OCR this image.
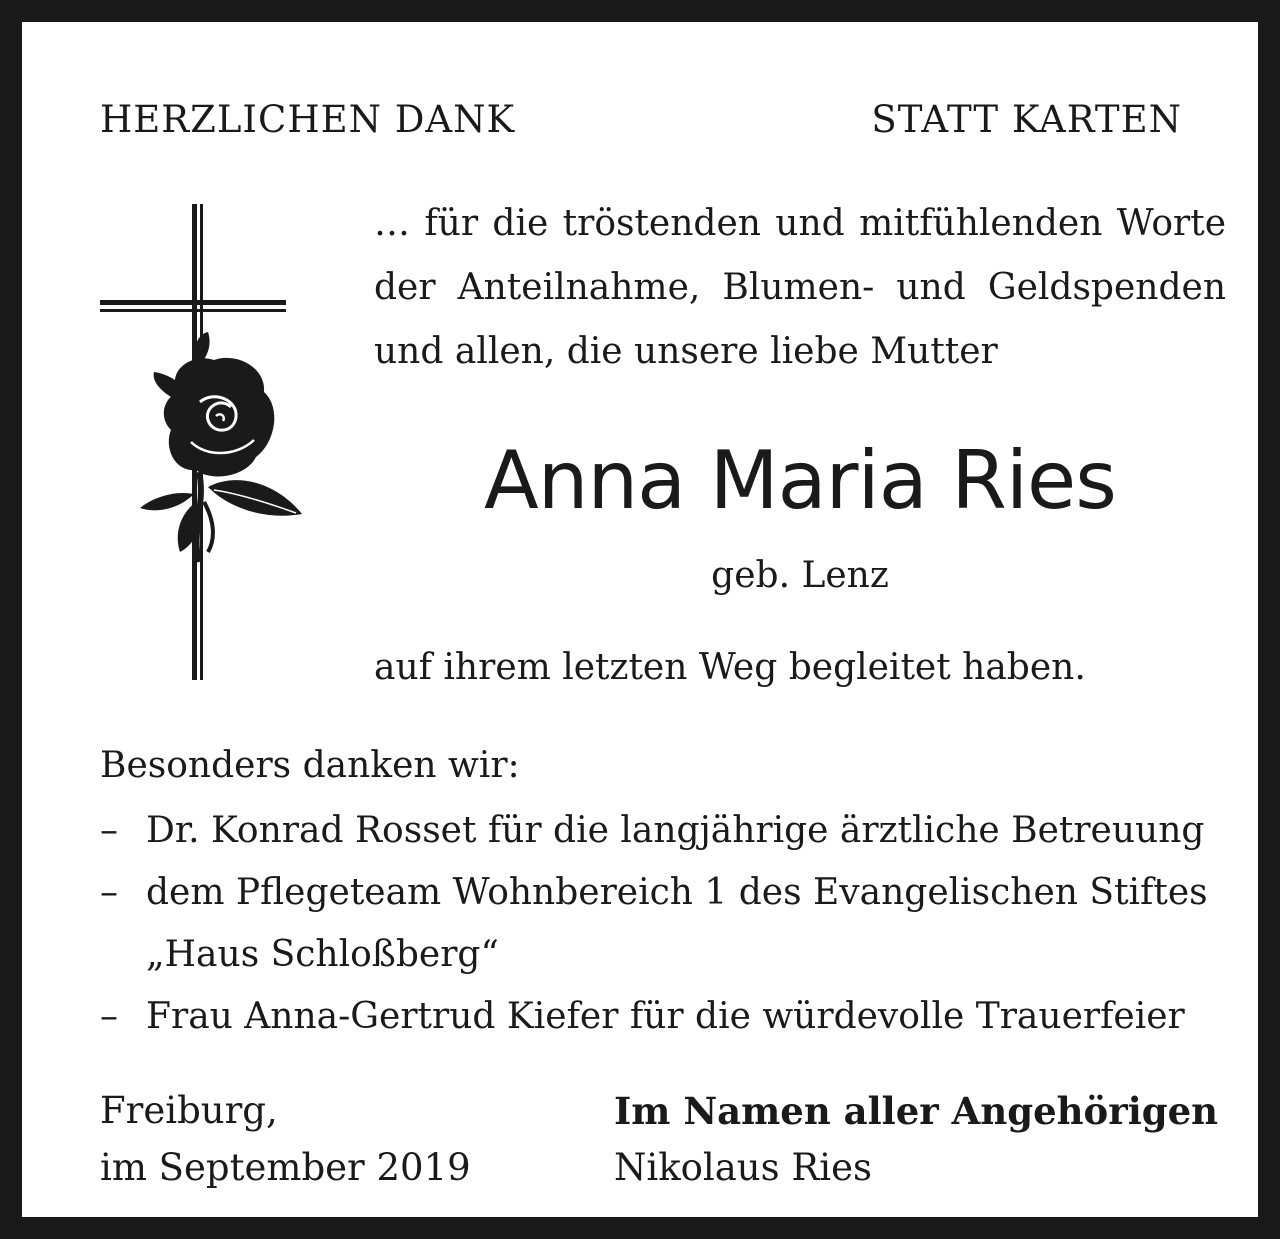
HERZLICHEN DANK	STATT KARTEN
… für die tröstenden und mitfühlenden Worte
der Anteilnahme, Blumen- und Geldspenden
und allen, die unsere liebe Mutter
Anna Maria Ries
geb. Lenz
auf ihrem letzten Weg begleitet haben.
Besonders danken wir:
– Dr. Konrad Rosset für die langjährige ärztliche Betreuung
– dem Pflegeteam Wohnbereich 1 des Evangelischen Stiftes
„Haus Schloßberg“
– Frau Anna-Gertrud Kiefer für die würdevolle Trauerfeier
Freiburg,
im September 2019
Im Namen aller Angehörigen
Nikolaus Ries
